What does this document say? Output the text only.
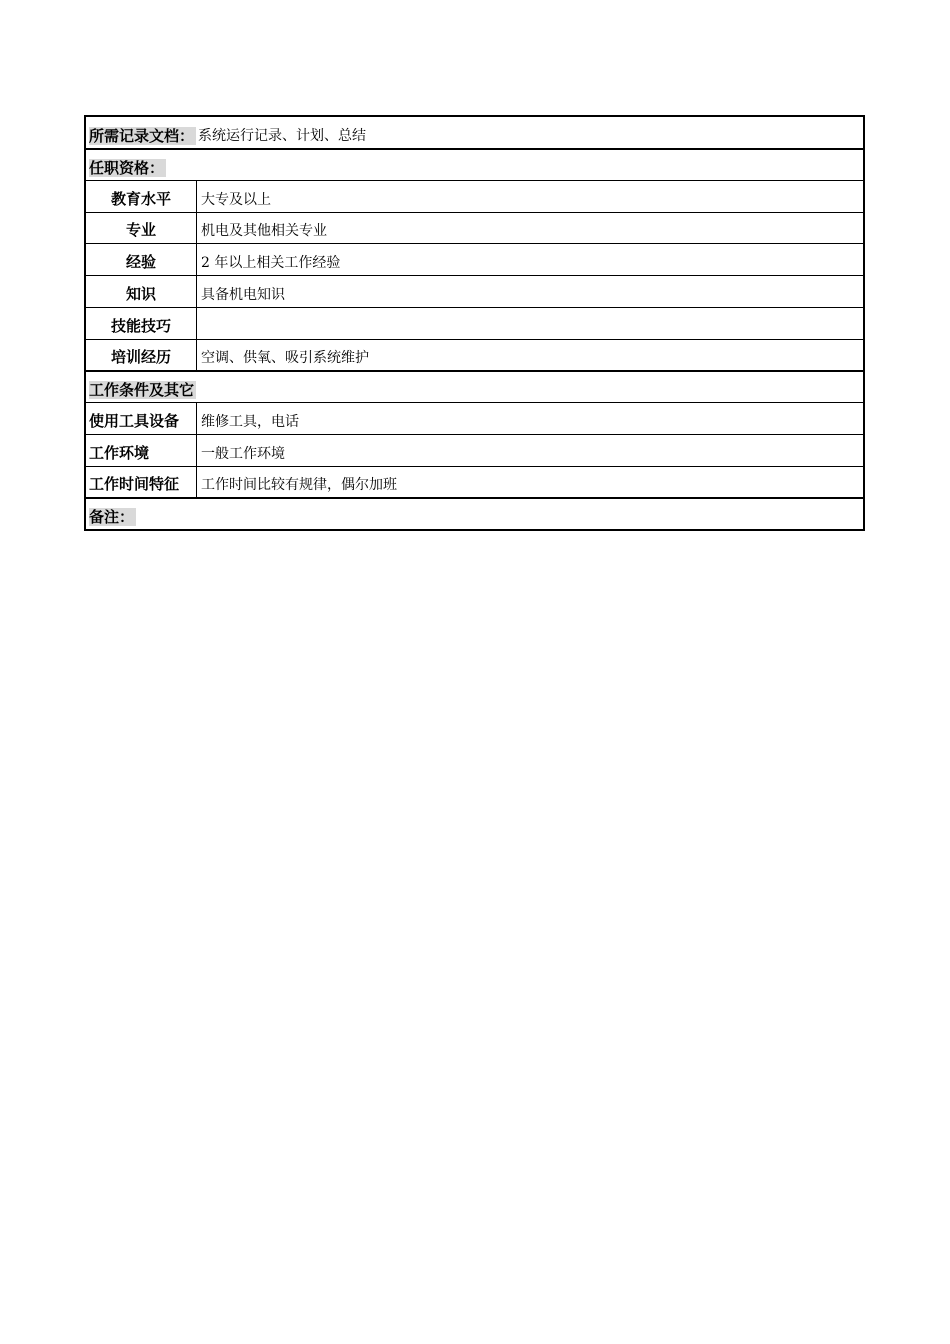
所需记录文档： 系统运行记录、计划、总结
任职资格：
教育水平	大专及以上
专业	机电及其他相关专业
经验	2 年以上相关工作经验
知识	具备机电知识
技能技巧
培训经历	空调、供氧、吸引系统维护
工作条件及其它
使用工具设备	维修工具，电话
工作环境	一般工作环境
工作时间特征	工作时间比较有规律，偶尔加班
备注：
